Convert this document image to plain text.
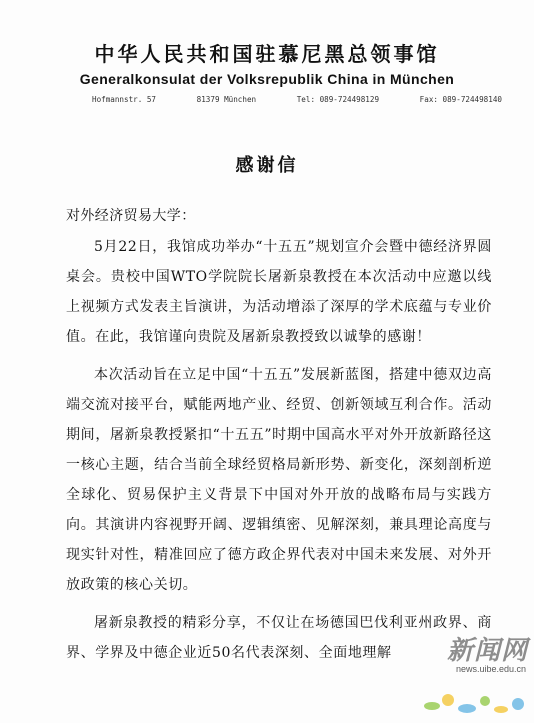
中华人民共和国驻慕尼黑总领事馆
Generalkonsulat der Volksrepublik China in München
Hofmannstr. 57	81379 München	Tel: 089-724498129	Fax: 089-724498140
感谢信
对外经济贸易大学：

5月22日，我馆成功举办“十五五”规划宣介会暨中德经济界圆桌会。贵校中国WTO学院院长屠新泉教授在本次活动中应邀以线上视频方式发表主旨演讲，为活动增添了深厚的学术底蕴与专业价值。在此，我馆谨向贵院及屠新泉教授致以诚挚的感谢！

本次活动旨在立足中国“十五五”发展新蓝图，搭建中德双边高端交流对接平台，赋能两地产业、经贸、创新领域互利合作。活动期间，屠新泉教授紧扣“十五五”时期中国高水平对外开放新路径这一核心主题，结合当前全球经贸格局新形势、新变化，深刻剖析逆全球化、贸易保护主义背景下中国对外开放的战略布局与实践方向。其演讲内容视野开阔、逻辑缜密、见解深刻，兼具理论高度与现实针对性，精准回应了德方政企界代表对中国未来发展、对外开放政策的核心关切。

屠新泉教授的精彩分享，不仅让在场德国巴伐利亚州政界、商界、学界及中德企业近50名代表深刻、全面地理解	新闻网
news.uibe.edu.cn
